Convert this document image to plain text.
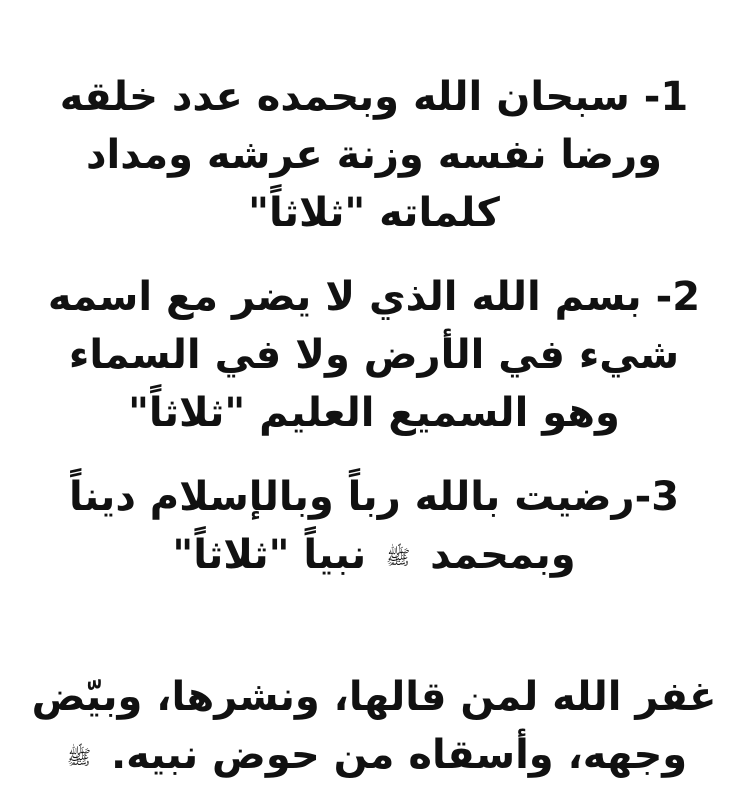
1- سبحان الله وبحمده عدد خلقه
ورضا نفسه وزنة عرشه ومداد
كلماته "ثلاثاً"
2- بسم الله الذي لا يضر مع اسمه
شيء في الأرض ولا في السماء
وهو السميع العليم "ثلاثاً"
3-رضيت بالله رباً وبالإسلام ديناً
وبمحمد ﷺ نبياً "ثلاثاً"
غفر الله لمن قالها، ونشرها، وبيّض
وجهه، وأسقاه من حوض نبيه. ﷺ
